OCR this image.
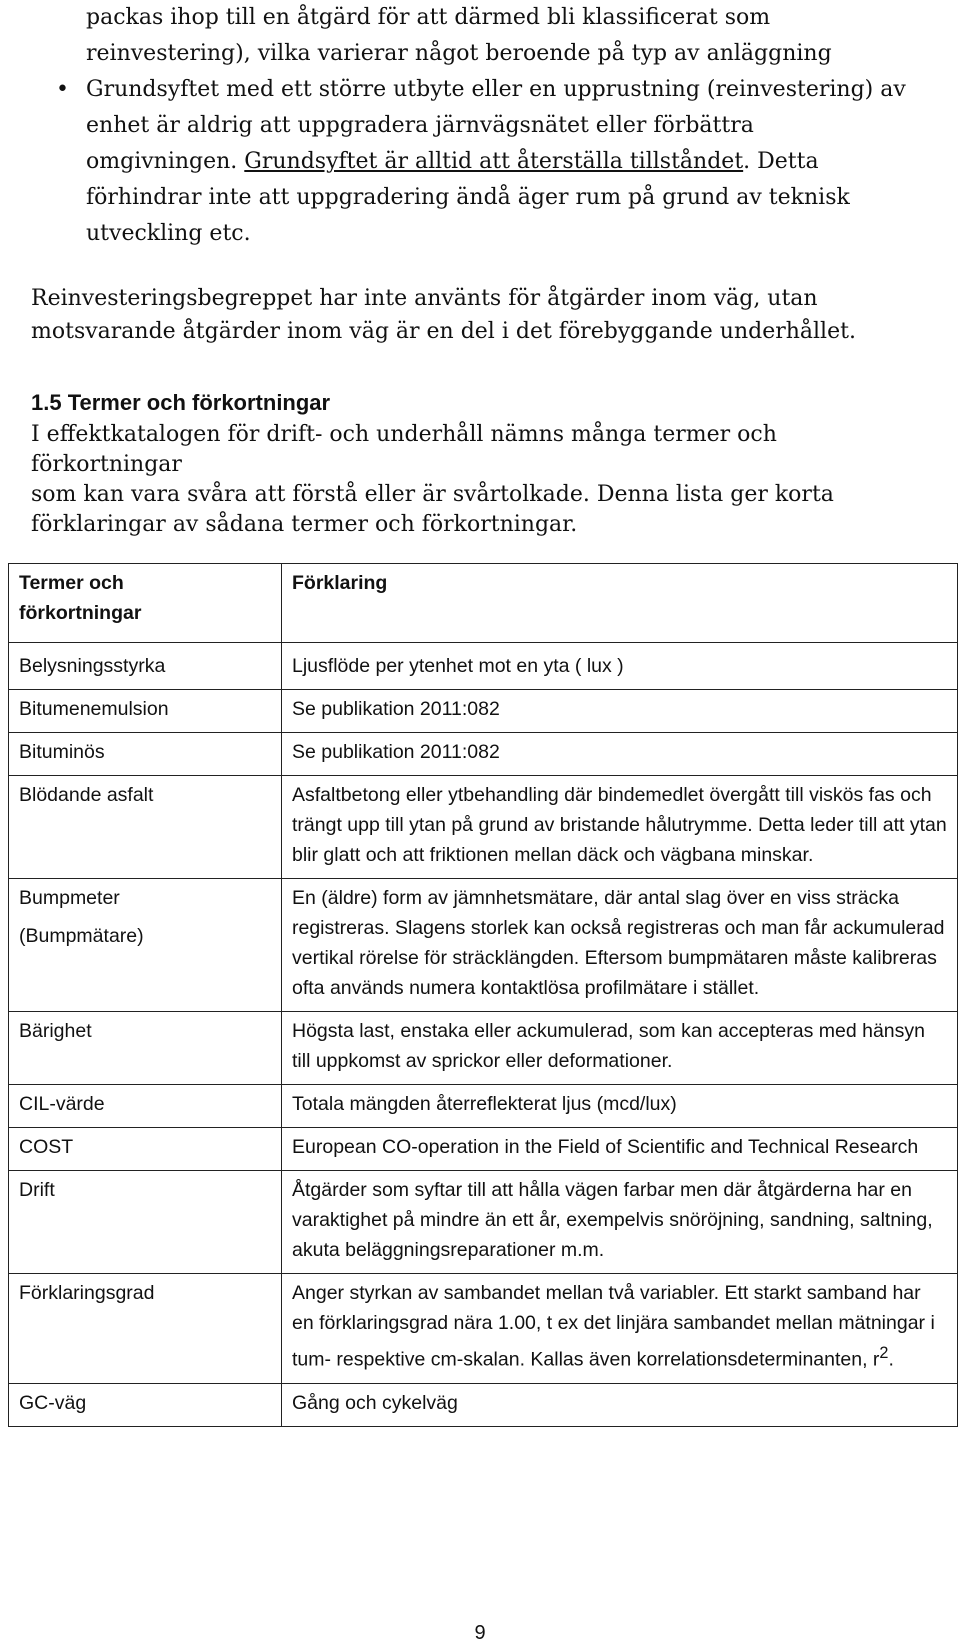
packas ihop till en åtgärd för att därmed bli klassificerat som
reinvestering), vilka varierar något beroende på typ av anläggning
• Grundsyftet med ett större utbyte eller en upprustning (reinvestering) av
enhet är aldrig att uppgradera järnvägsnätet eller förbättra
omgivningen. Grundsyftet är alltid att återställa tillståndet. Detta
förhindrar inte att uppgradering ändå äger rum på grund av teknisk
utveckling etc.
Reinvesteringsbegreppet har inte använts för åtgärder inom väg, utan
motsvarande åtgärder inom väg är en del i det förebyggande underhållet.
1.5 Termer och förkortningar
I effektkatalogen för drift- och underhåll nämns många termer och
förkortningar
som kan vara svåra att förstå eller är svårtolkade. Denna lista ger korta
förklaringar av sådana termer och förkortningar.
Termer och
förkortningar	Förklaring
Belysningsstyrka	Ljusflöde per ytenhet mot en yta ( lux )
Bitumenemulsion	Se publikation 2011:082
Bituminös	Se publikation 2011:082
Blödande asfalt	Asfaltbetong eller ytbehandling där bindemedlet övergått till viskös fas och trängt upp till ytan på grund av bristande hålutrymme. Detta leder till att ytan blir glatt och att friktionen mellan däck och vägbana minskar.

Bumpmeter
(Bumpmätare)	En (äldre) form av jämnhetsmätare, där antal slag över en viss sträcka registreras. Slagens storlek kan också registreras och man får ackumulerad vertikal rörelse för sträcklängden. Eftersom bumpmätaren måste kalibreras ofta används numera kontaktlösa profilmätare i stället.
Bärighet	Högsta last, enstaka eller ackumulerad, som kan accepteras med hänsyn till uppkomst av sprickor eller deformationer.
CIL-värde	Totala mängden återreflekterat ljus (mcd/lux)
COST	European CO-operation in the Field of Scientific and Technical Research
Drift	Åtgärder som syftar till att hålla vägen farbar men där åtgärderna har en varaktighet på mindre än ett år, exempelvis snöröjning, sandning, saltning, akuta beläggningsreparationer m.m.
Förklaringsgrad	Anger styrkan av sambandet mellan två variabler. Ett starkt samband har en förklaringsgrad nära 1.00, t ex det linjära sambandet mellan mätningar i tum- respektive cm-skalan. Kallas även korrelationsdeterminanten, $r^2$.
GC-väg	Gång och cykelväg
9
